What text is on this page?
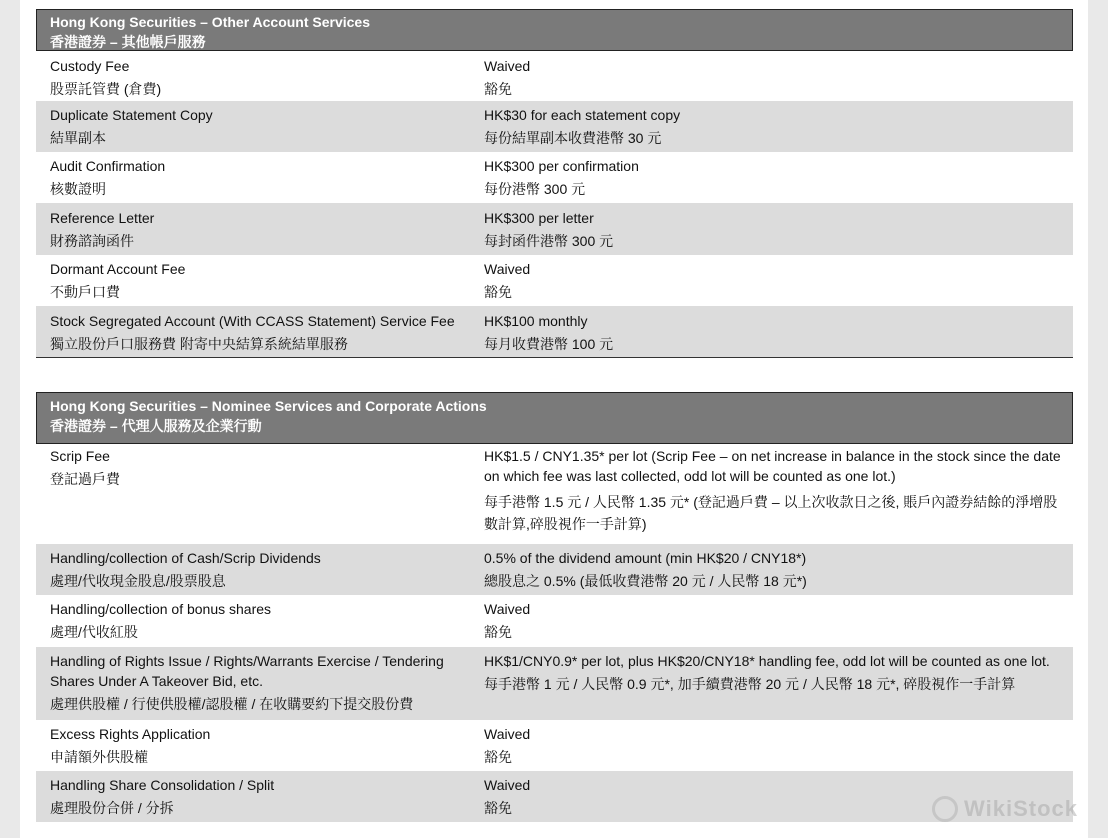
Hong Kong Securities – Other Account Services
香港證券 – 其他帳戶服務
Custody Fee
股票託管費 (倉費)
Waived
豁免
Duplicate Statement Copy
結單副本
HK$30 for each statement copy
每份結單副本收費港幣 30 元
Audit Confirmation
核數證明
HK$300 per confirmation
每份港幣 300 元
Reference Letter
財務諮詢函件
HK$300 per letter
每封函件港幣 300 元
Dormant Account Fee
不動戶口費
Waived
豁免
Stock Segregated Account (With CCASS Statement) Service Fee
獨立股份戶口服務費 附寄中央結算系統結單服務
HK$100 monthly
每月收費港幣 100 元
Hong Kong Securities – Nominee Services and Corporate Actions
香港證券 – 代理人服務及企業行動
Scrip Fee
登記過戶費
HK$1.5 / CNY1.35* per lot (Scrip Fee – on net increase in balance in the stock since the date on which fee was last collected, odd lot will be counted as one lot.)
每手港幣 1.5 元 / 人民幣 1.35 元* (登記過戶費 – 以上次收款日之後, 賬戶內證券結餘的淨增股數計算,碎股視作一手計算)
Handling/collection of Cash/Scrip Dividends
處理/代收現金股息/股票股息
0.5% of the dividend amount (min HK$20 / CNY18*)
總股息之 0.5% (最低收費港幣 20 元 / 人民幣 18 元*)
Handling/collection of bonus shares
處理/代收紅股
Waived
豁免
Handling of Rights Issue / Rights/Warrants Exercise / Tendering Shares Under A Takeover Bid, etc.
處理供股權 / 行使供股權/認股權 / 在收購要約下提交股份費
HK$1/CNY0.9* per lot, plus HK$20/CNY18* handling fee, odd lot will be counted as one lot.
每手港幣 1 元 / 人民幣 0.9 元*, 加手續費港幣 20 元 / 人民幣 18 元*, 碎股視作一手計算
Excess Rights Application
申請額外供股權
Waived
豁免
Handling Share Consolidation / Split
處理股份合併 / 分拆
Waived
豁免	WikiStock
